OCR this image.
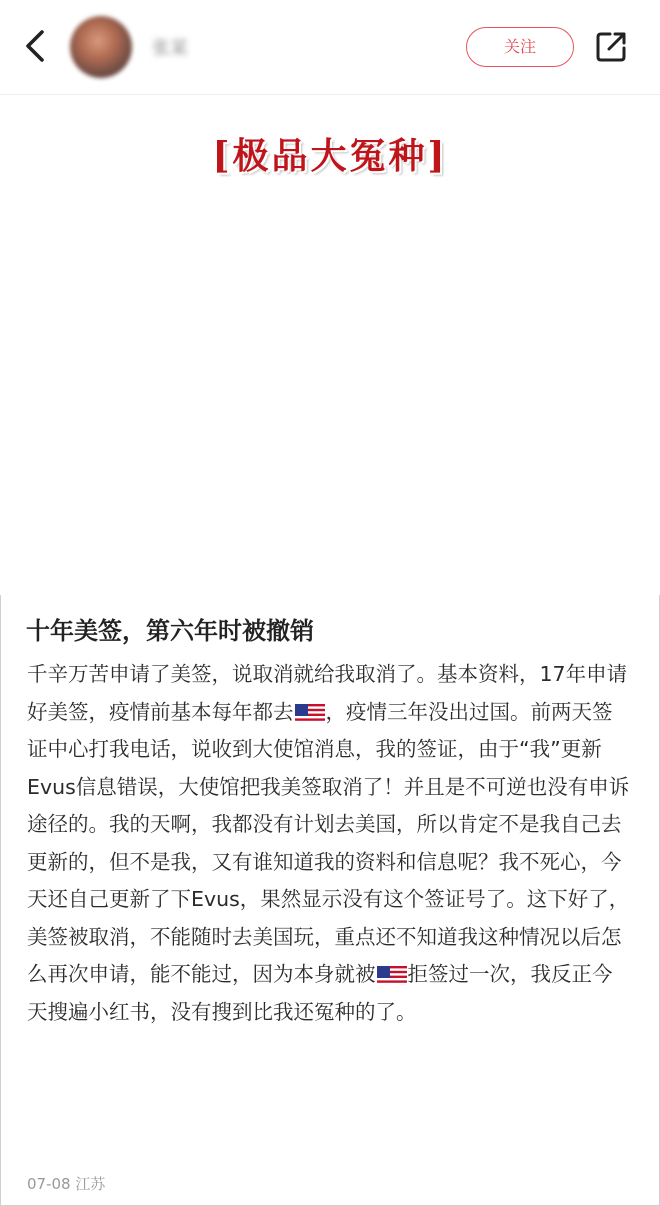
张某	关注
[极品大冤种]
十年美签，第六年时被撤销
千辛万苦申请了美签，说取消就给我取消了。基本资料，17年申请好美签，疫情前基本每年都去 ，疫情三年没出过国。前两天签证中心打我电话，说收到大使馆消息，我的签证，由于“我”更新Evus信息错误，大使馆把我美签取消了！并且是不可逆也没有申诉途径的。我的天啊，我都没有计划去美国，所以肯定不是我自己去更新的，但不是我，又有谁知道我的资料和信息呢？我不死心，今天还自己更新了下Evus，果然显示没有这个签证号了。这下好了，美签被取消，不能随时去美国玩，重点还不知道我这种情况以后怎么再次申请，能不能过，因为本身就被 拒签过一次，我反正今天搜遍小红书，没有搜到比我还冤种的了。
07-08 江苏
